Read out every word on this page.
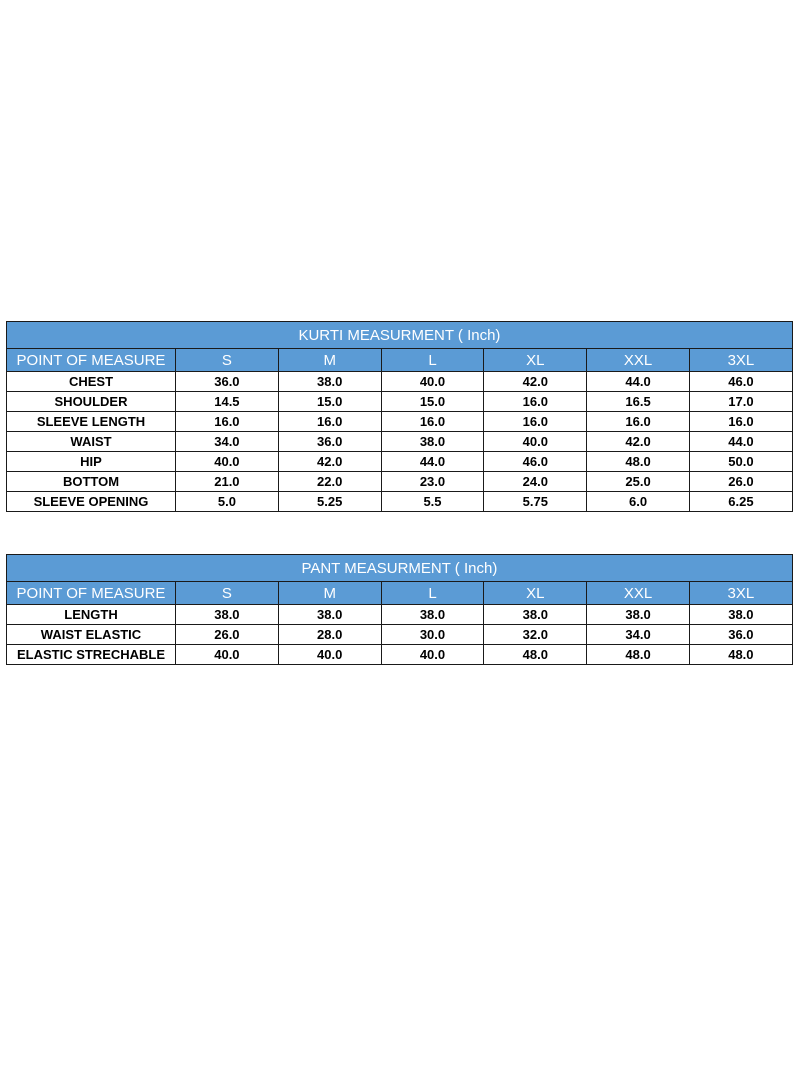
KURTI MEASURMENT ( Inch)						
POINT OF MEASURE	S	M	L	XL	XXL	3XL
CHEST	36.0	38.0	40.0	42.0	44.0	46.0
SHOULDER	14.5	15.0	15.0	16.0	16.5	17.0
SLEEVE LENGTH	16.0	16.0	16.0	16.0	16.0	16.0
WAIST	34.0	36.0	38.0	40.0	42.0	44.0
HIP	40.0	42.0	44.0	46.0	48.0	50.0
BOTTOM	21.0	22.0	23.0	24.0	25.0	26.0
SLEEVE OPENING	5.0	5.25	5.5	5.75	6.0	6.25
PANT MEASURMENT ( Inch)						
POINT OF MEASURE	S	M	L	XL	XXL	3XL
LENGTH	38.0	38.0	38.0	38.0	38.0	38.0
WAIST ELASTIC	26.0	28.0	30.0	32.0	34.0	36.0
ELASTIC STRECHABLE	40.0	40.0	40.0	48.0	48.0	48.0
